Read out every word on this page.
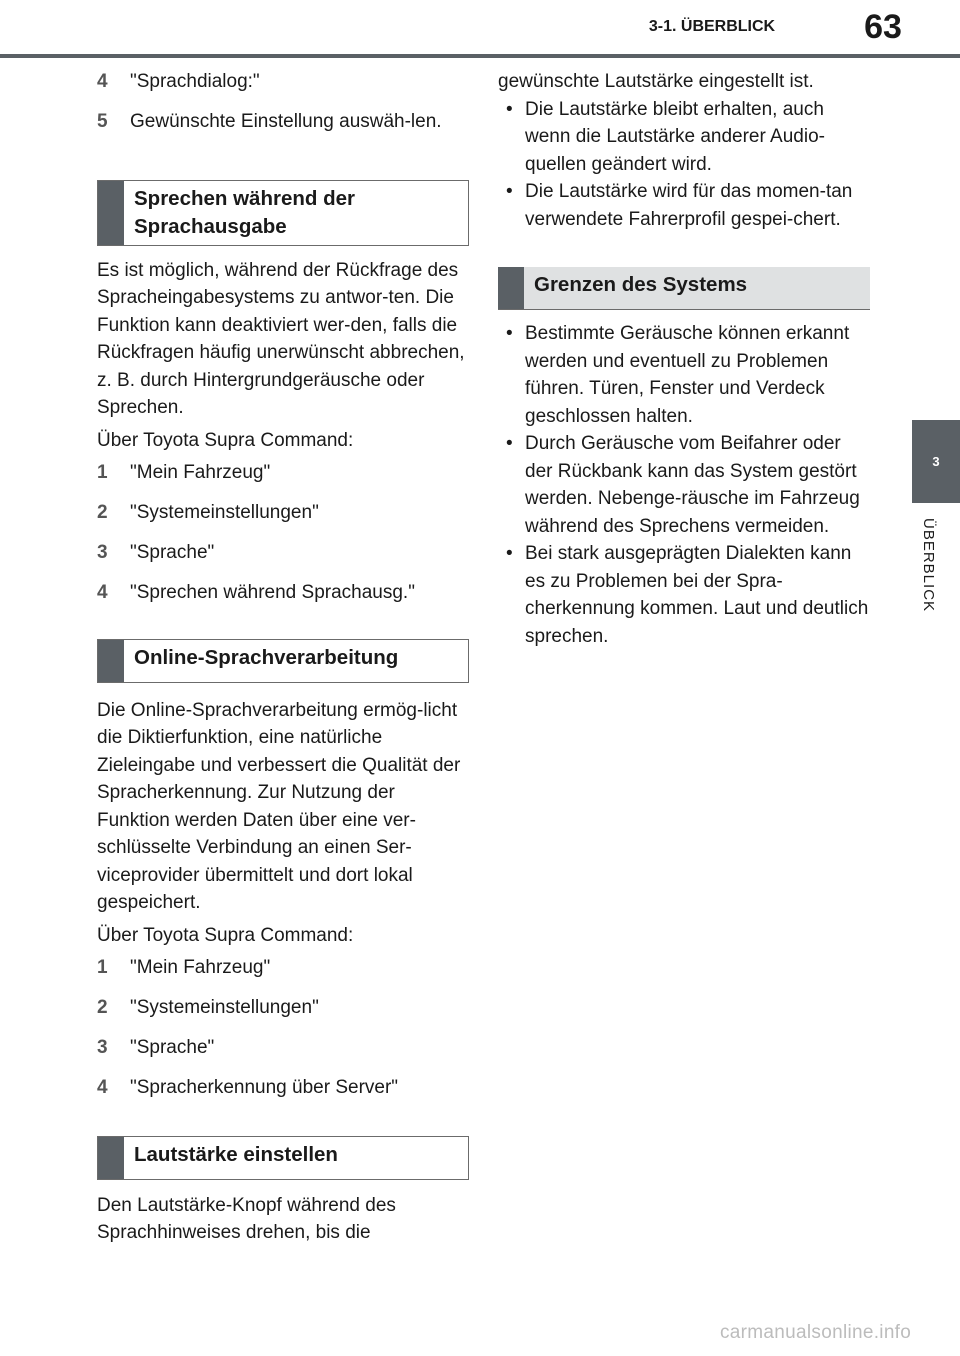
3-1. ÜBERBLICK	63
3
ÜBERBLICK
4	"Sprachdialog:"
5	Gewünschte Einstellung auswäh-len.
Sprechen während der Sprachausgabe

Es ist möglich, während der Rückfrage des Spracheingabesystems zu antwor-ten. Die Funktion kann deaktiviert wer-den, falls die Rückfragen häufig unerwünscht abbrechen, z. B. durch Hintergrundgeräusche oder Sprechen.

Über Toyota Supra Command:

1	"Mein Fahrzeug"
2	"Systemeinstellungen"
3	"Sprache"
4	"Sprechen während Sprachausg."
Online-Sprachverarbeitung

Die Online-Sprachverarbeitung ermög-licht die Diktierfunktion, eine natürliche Zieleingabe und verbessert die Qualität der Spracherkennung. Zur Nutzung der Funktion werden Daten über eine ver-schlüsselte Verbindung an einen Ser-viceprovider übermittelt und dort lokal gespeichert.

Über Toyota Supra Command:

1	"Mein Fahrzeug"
2	"Systemeinstellungen"
3	"Sprache"
4	"Spracherkennung über Server"
Lautstärke einstellen

Den Lautstärke-Knopf während des Sprachhinweises drehen, bis die

gewünschte Lautstärke eingestellt ist.

• Die Lautstärke bleibt erhalten, auch wenn die Lautstärke anderer Audio-quellen geändert wird.
• Die Lautstärke wird für das momen-tan verwendete Fahrerprofil gespei-chert.
Grenzen des Systems
• Bestimmte Geräusche können erkannt werden und eventuell zu Problemen führen. Türen, Fenster und Verdeck geschlossen halten.
• Durch Geräusche vom Beifahrer oder der Rückbank kann das System gestört werden. Nebenge-räusche im Fahrzeug während des Sprechens vermeiden.
• Bei stark ausgeprägten Dialekten kann es zu Problemen bei der Spra-cherkennung kommen. Laut und deutlich sprechen.
carmanualsonline.info
